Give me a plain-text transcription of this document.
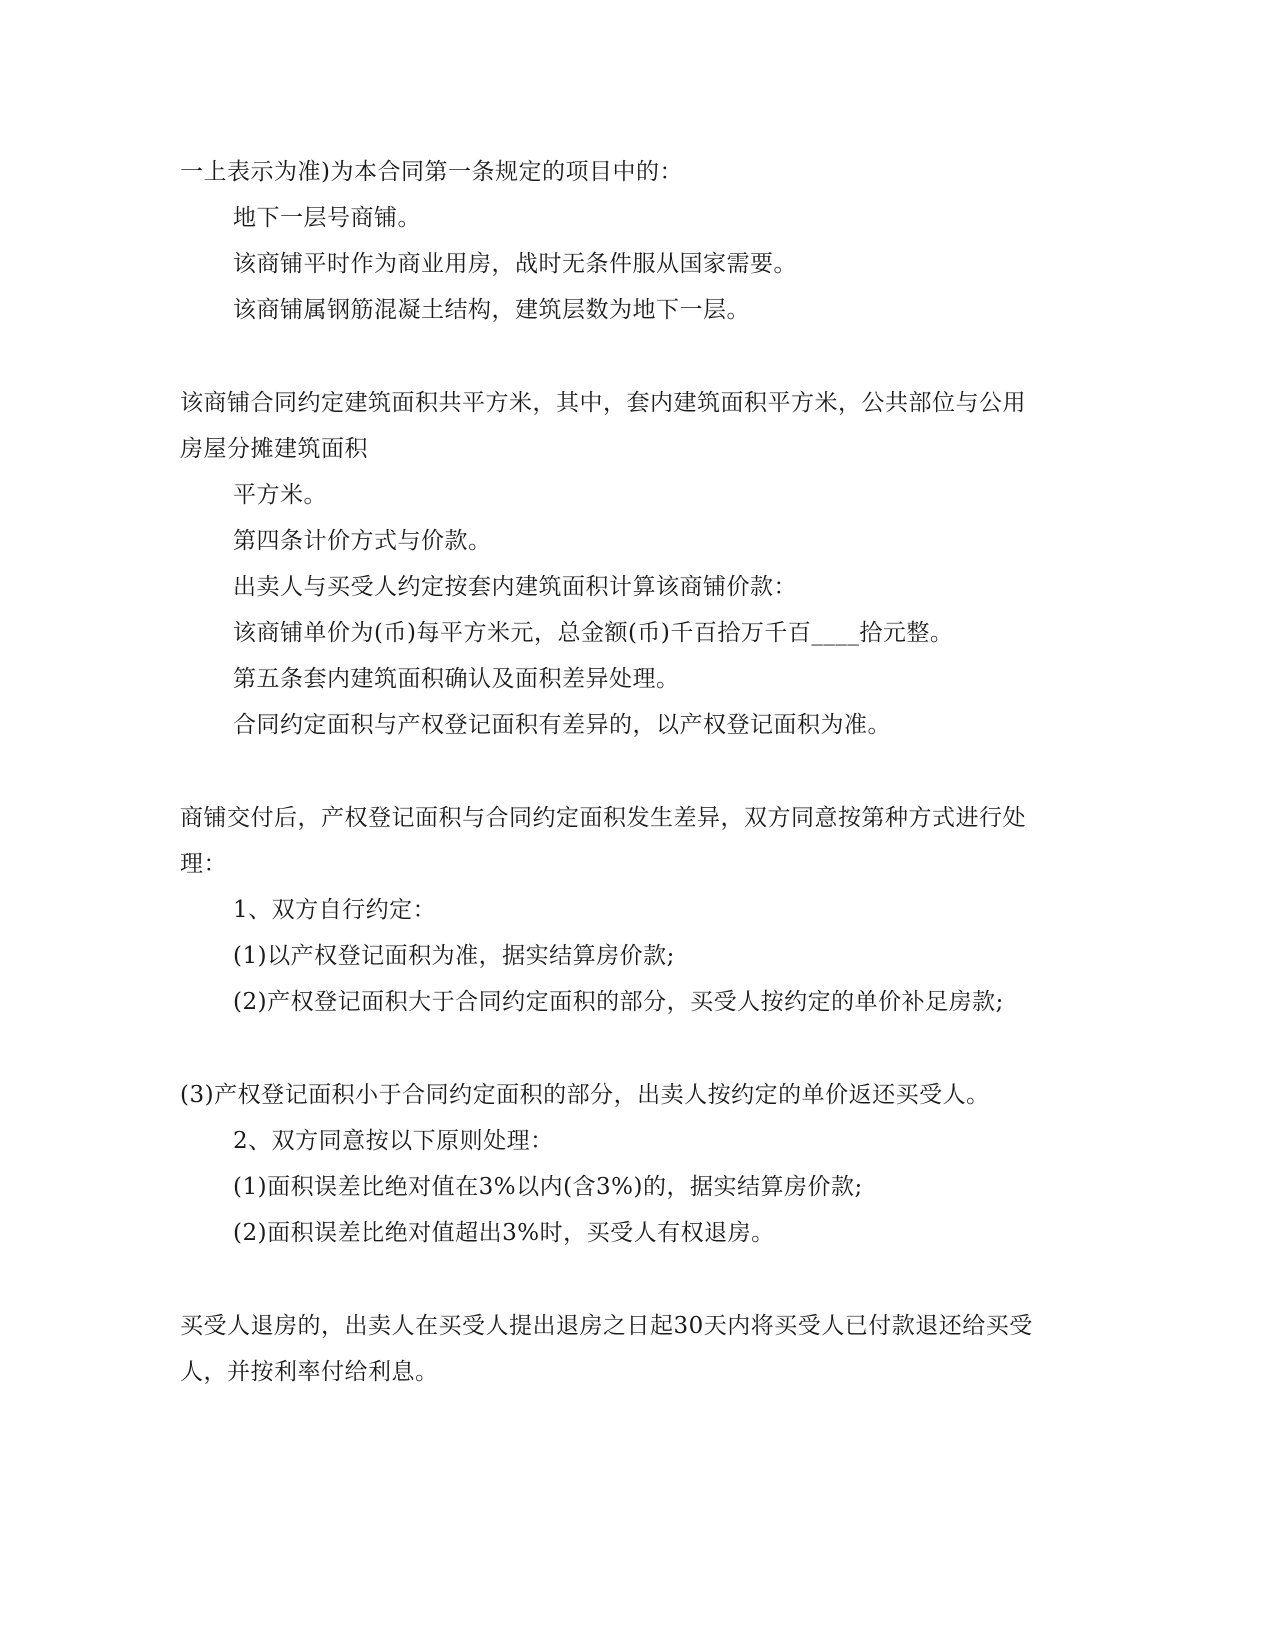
一上表示为准)为本合同第一条规定的项目中的：
地下一层号商铺。
该商铺平时作为商业用房，战时无条件服从国家需要。
该商铺属钢筋混凝土结构，建筑层数为地下一层。
该商铺合同约定建筑面积共平方米，其中，套内建筑面积平方米，公共部位与公用
房屋分摊建筑面积
平方米。
第四条计价方式与价款。
出卖人与买受人约定按套内建筑面积计算该商铺价款：
该商铺单价为(币)每平方米元，总金额(币)千百拾万千百____拾元整。
第五条套内建筑面积确认及面积差异处理。
合同约定面积与产权登记面积有差异的，以产权登记面积为准。
商铺交付后，产权登记面积与合同约定面积发生差异，双方同意按第种方式进行处
理：
1、双方自行约定：
(1)以产权登记面积为准，据实结算房价款;
(2)产权登记面积大于合同约定面积的部分，买受人按约定的单价补足房款;
(3)产权登记面积小于合同约定面积的部分，出卖人按约定的单价返还买受人。
2、双方同意按以下原则处理：
(1)面积误差比绝对值在3%以内(含3%)的，据实结算房价款;
(2)面积误差比绝对值超出3%时，买受人有权退房。
买受人退房的，出卖人在买受人提出退房之日起30天内将买受人已付款退还给买受
人，并按利率付给利息。
